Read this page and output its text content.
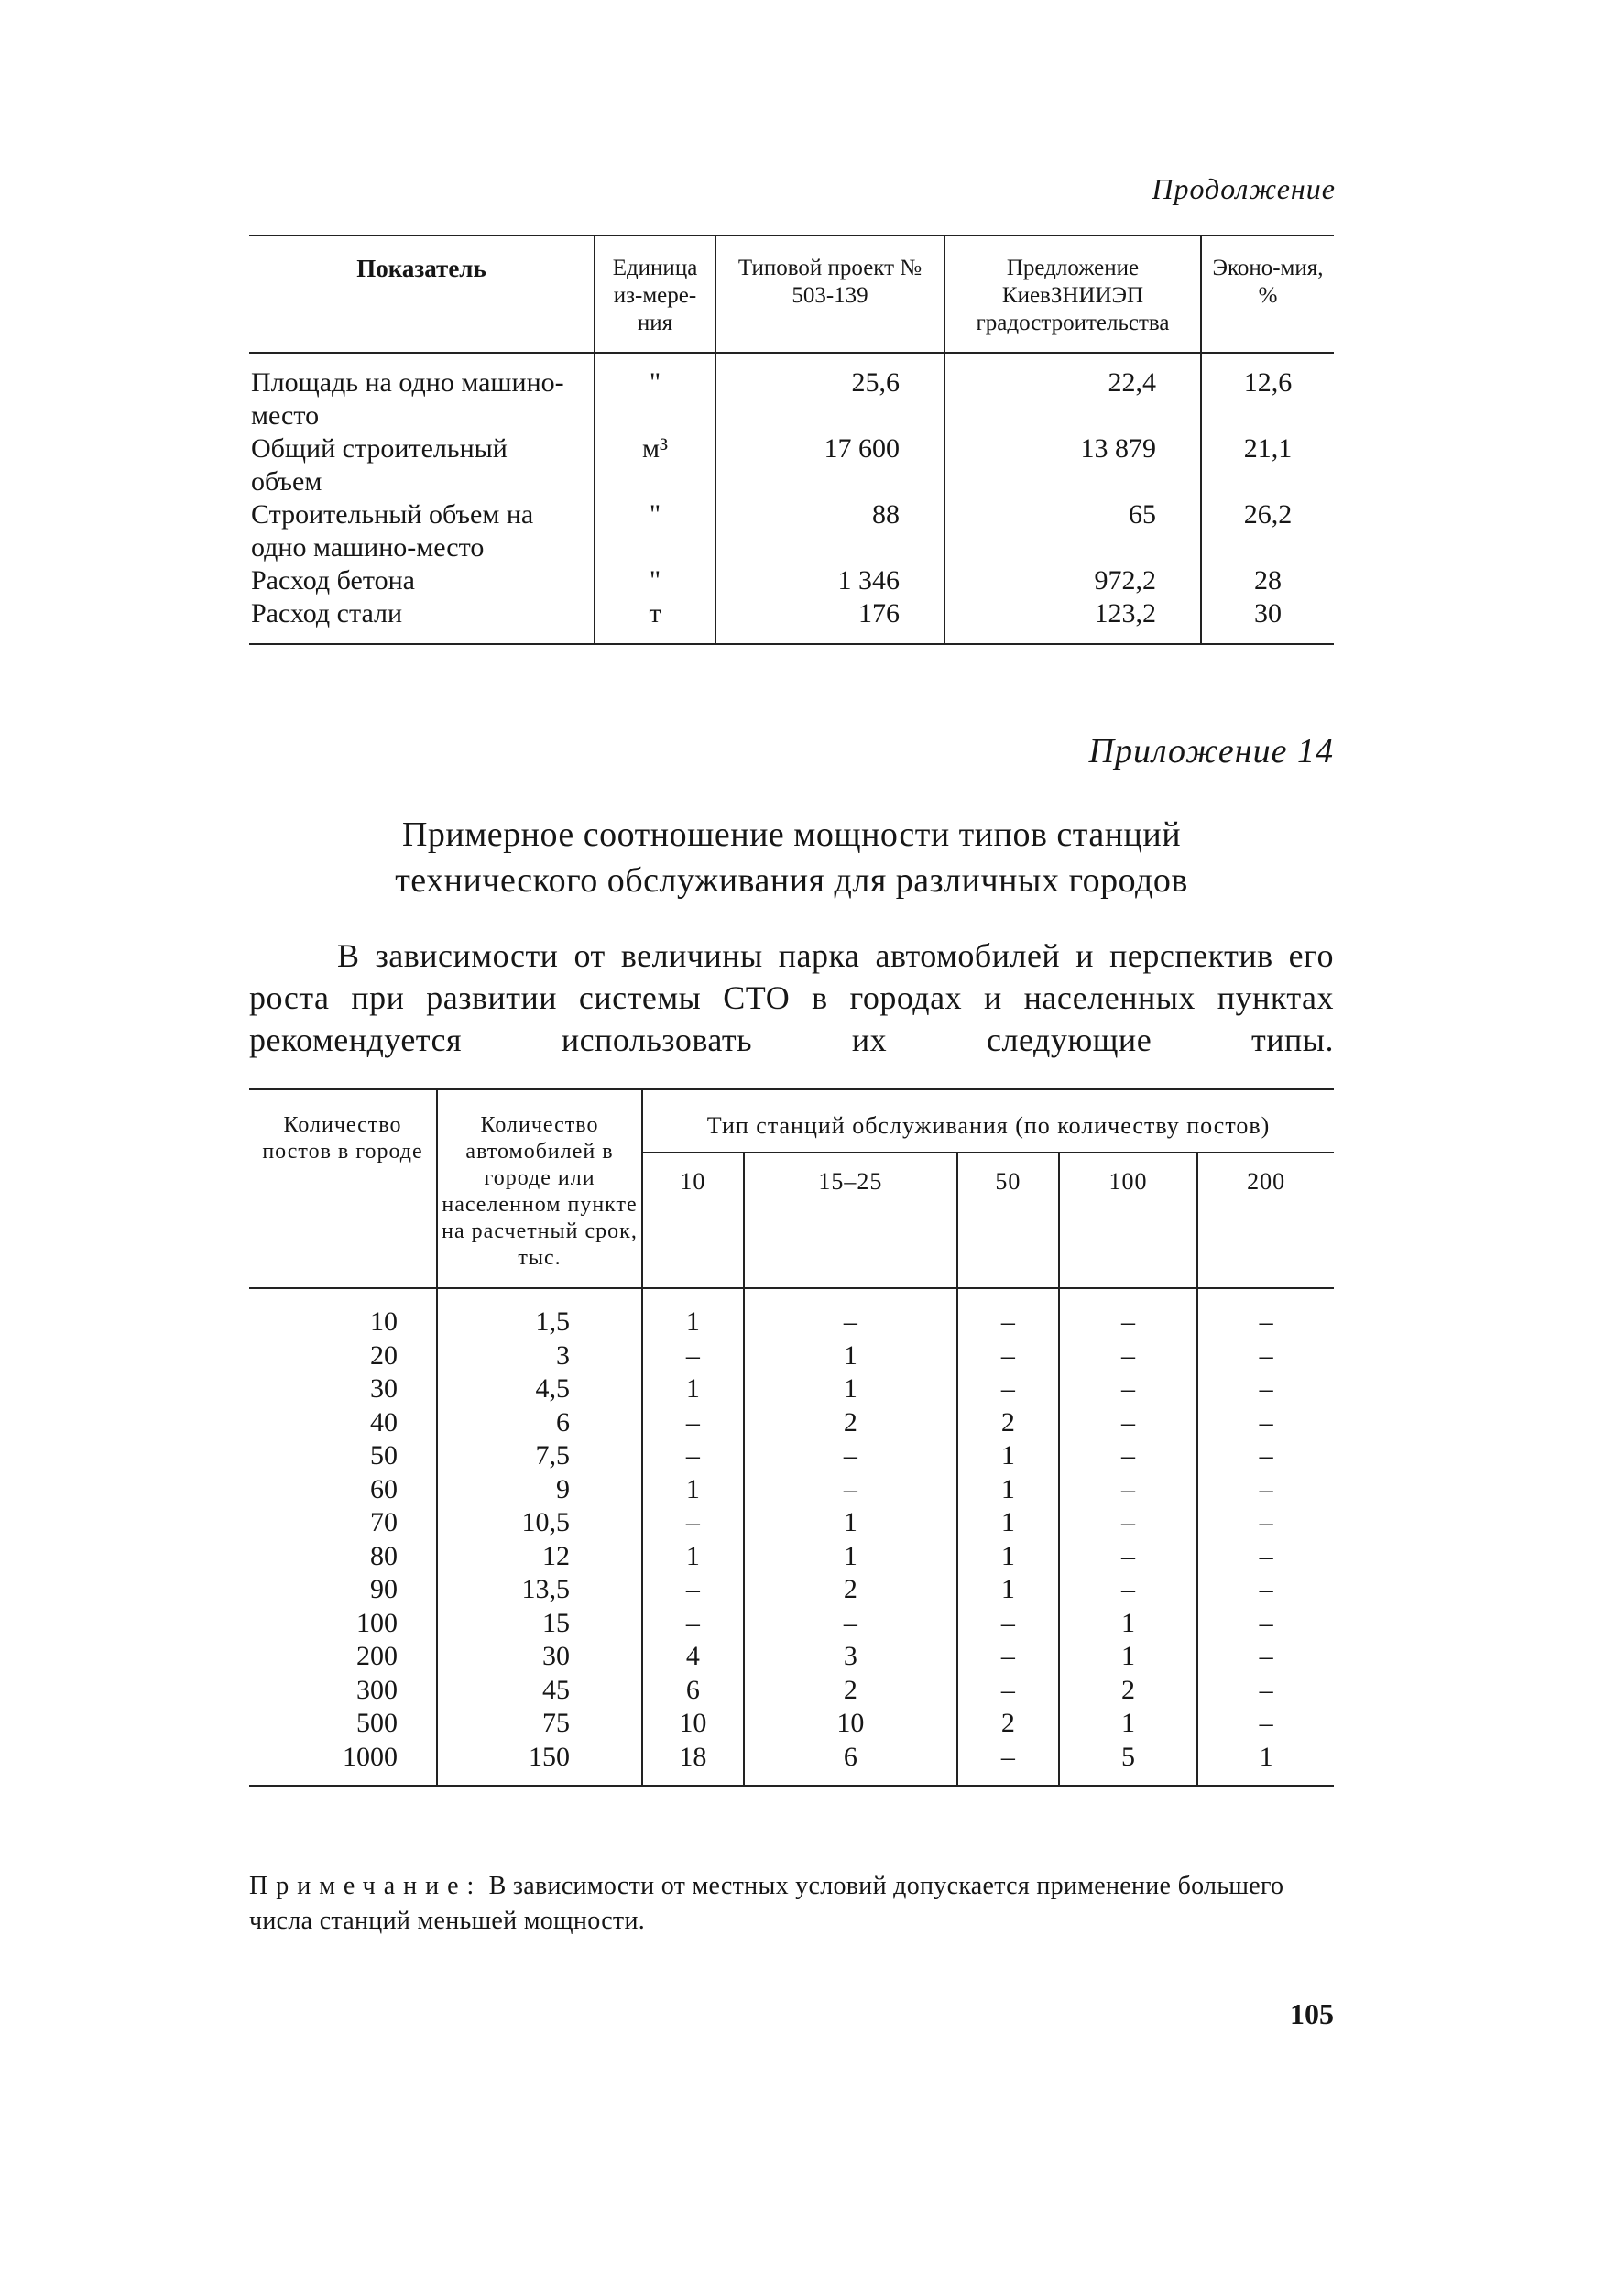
Продолжение
Показатель	Единица из-мере-ния	Типовой проект № 503-139	Предложение КиевЗНИИЭП градостроительства	Эконо-мия, %
Площадь на одно машино-место	"	25,6	22,4	12,6
Общий строительный объем	м³	17 600	13 879	21,1
Строительный объем на одно машино-место	"	88	65	26,2
Расход бетона	"	1 346	972,2	28
Расход стали	т	176	123,2	30
Приложение 14
Примерное соотношение мощности типов станций
технического обслуживания для различных городов
В зависимости от величины парка автомобилей и перспектив его роста при развитии системы СТО в городах и населенных пунктах рекомендуется использовать их следующие типы.
Количество постов в городе	Количество автомобилей в городе или населенном пункте на расчетный срок, тыс.	Тип станций обслуживания (по количеству постов)				
		10	15–25	50	100	200
10	1,5	1	–	–	–	–
20	3	–	1	–	–	–
30	4,5	1	1	–	–	–
40	6	–	2	2	–	–
50	7,5	–	–	1	–	–
60	9	1	–	1	–	–
70	10,5	–	1	1	–	–
80	12	1	1	1	–	–
90	13,5	–	2	1	–	–
100	15	–	–	–	1	–
200	30	4	3	–	1	–
300	45	6	2	–	2	–
500	75	10	10	2	1	–
1000	150	18	6	–	5	1
Примечание: В зависимости от местных условий допускается применение большего числа станций меньшей мощности.
105
